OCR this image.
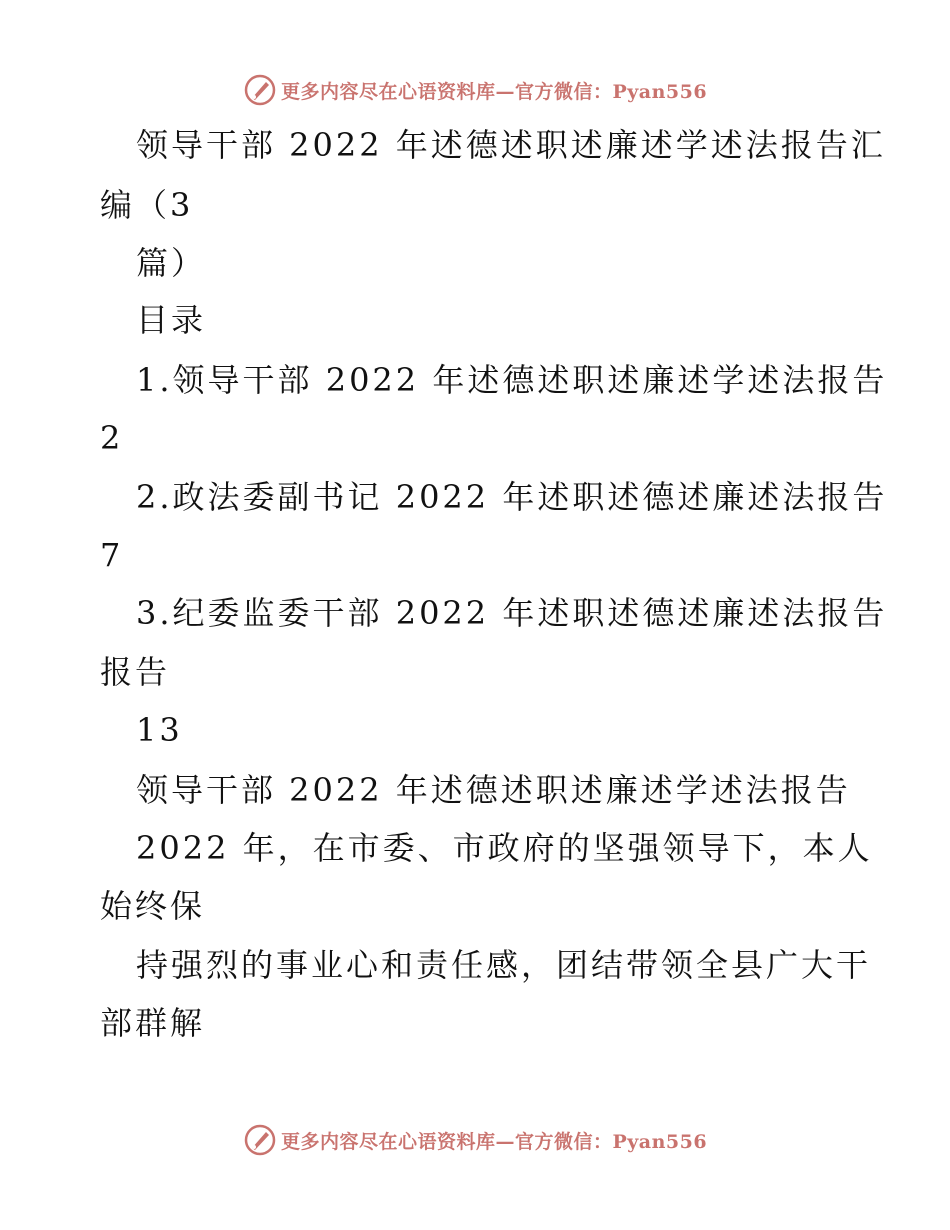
更多内容尽在心语资料库—官方微信：Pyan556
领导干部 2022 年述德述职述廉述学述法报告汇
编（3
篇）
目录
1.领导干部 2022 年述德述职述廉述学述法报告
2
2.政法委副书记 2022 年述职述德述廉述法报告
7
3.纪委监委干部 2022 年述职述德述廉述法报告
报告
13
领导干部 2022 年述德述职述廉述学述法报告
2022 年，在市委、市政府的坚强领导下，本人
始终保
持强烈的事业心和责任感，团结带领全县广大干
部群解
更多内容尽在心语资料库—官方微信：Pyan556
